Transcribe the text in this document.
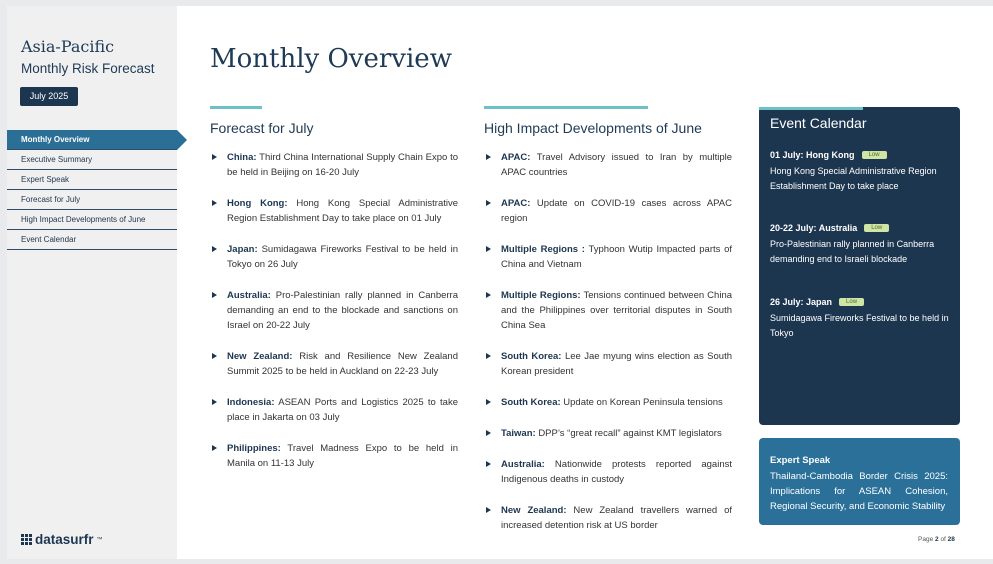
Asia-Pacific
Monthly Risk Forecast
July 2025
Monthly Overview
Executive Summary
Expert Speak
Forecast for July
High Impact Developments of June
Event Calendar
datasurfr ™
Monthly Overview
Forecast for July
China: Third China International Supply Chain Expo to be held in Beijing on 16-20 July
Hong Kong: Hong Kong Special Administrative Region Establishment Day to take place on 01 July
Japan: Sumidagawa Fireworks Festival to be held in Tokyo on 26 July
Australia: Pro-Palestinian rally planned in Canberra demanding an end to the blockade and sanctions on Israel on 20-22 July
New Zealand: Risk and Resilience New Zealand Summit 2025 to be held in Auckland on 22-23 July
Indonesia: ASEAN Ports and Logistics 2025 to take place in Jakarta on 03 July
Philippines: Travel Madness Expo to be held in Manila on 11-13 July
High Impact Developments of June
APAC: Travel Advisory issued to Iran by multiple APAC countries
APAC: Update on COVID-19 cases across APAC region
Multiple Regions : Typhoon Wutip Impacted parts of China and Vietnam
Multiple Regions: Tensions continued between China and the Philippines over territorial disputes in South China Sea
South Korea: Lee Jae myung wins election as South Korean president
South Korea: Update on Korean Peninsula tensions
Taiwan: DPP’s “great recall” against KMT legislators
Australia: Nationwide protests reported against Indigenous deaths in custody
New Zealand: New Zealand travellers warned of increased detention risk at US border
Event Calendar
01 July: Hong Kong	Low
Hong Kong Special Administrative Region Establishment Day to take place
20-22 July: Australia	Low
Pro-Palestinian rally planned in Canberra demanding end to Israeli blockade
26 July: Japan	Low
Sumidagawa Fireworks Festival to be held in Tokyo
Expert Speak
Thailand-Cambodia Border Crisis 2025: Implications for ASEAN Cohesion, Regional Security, and Economic Stability
Page 2 of 28
